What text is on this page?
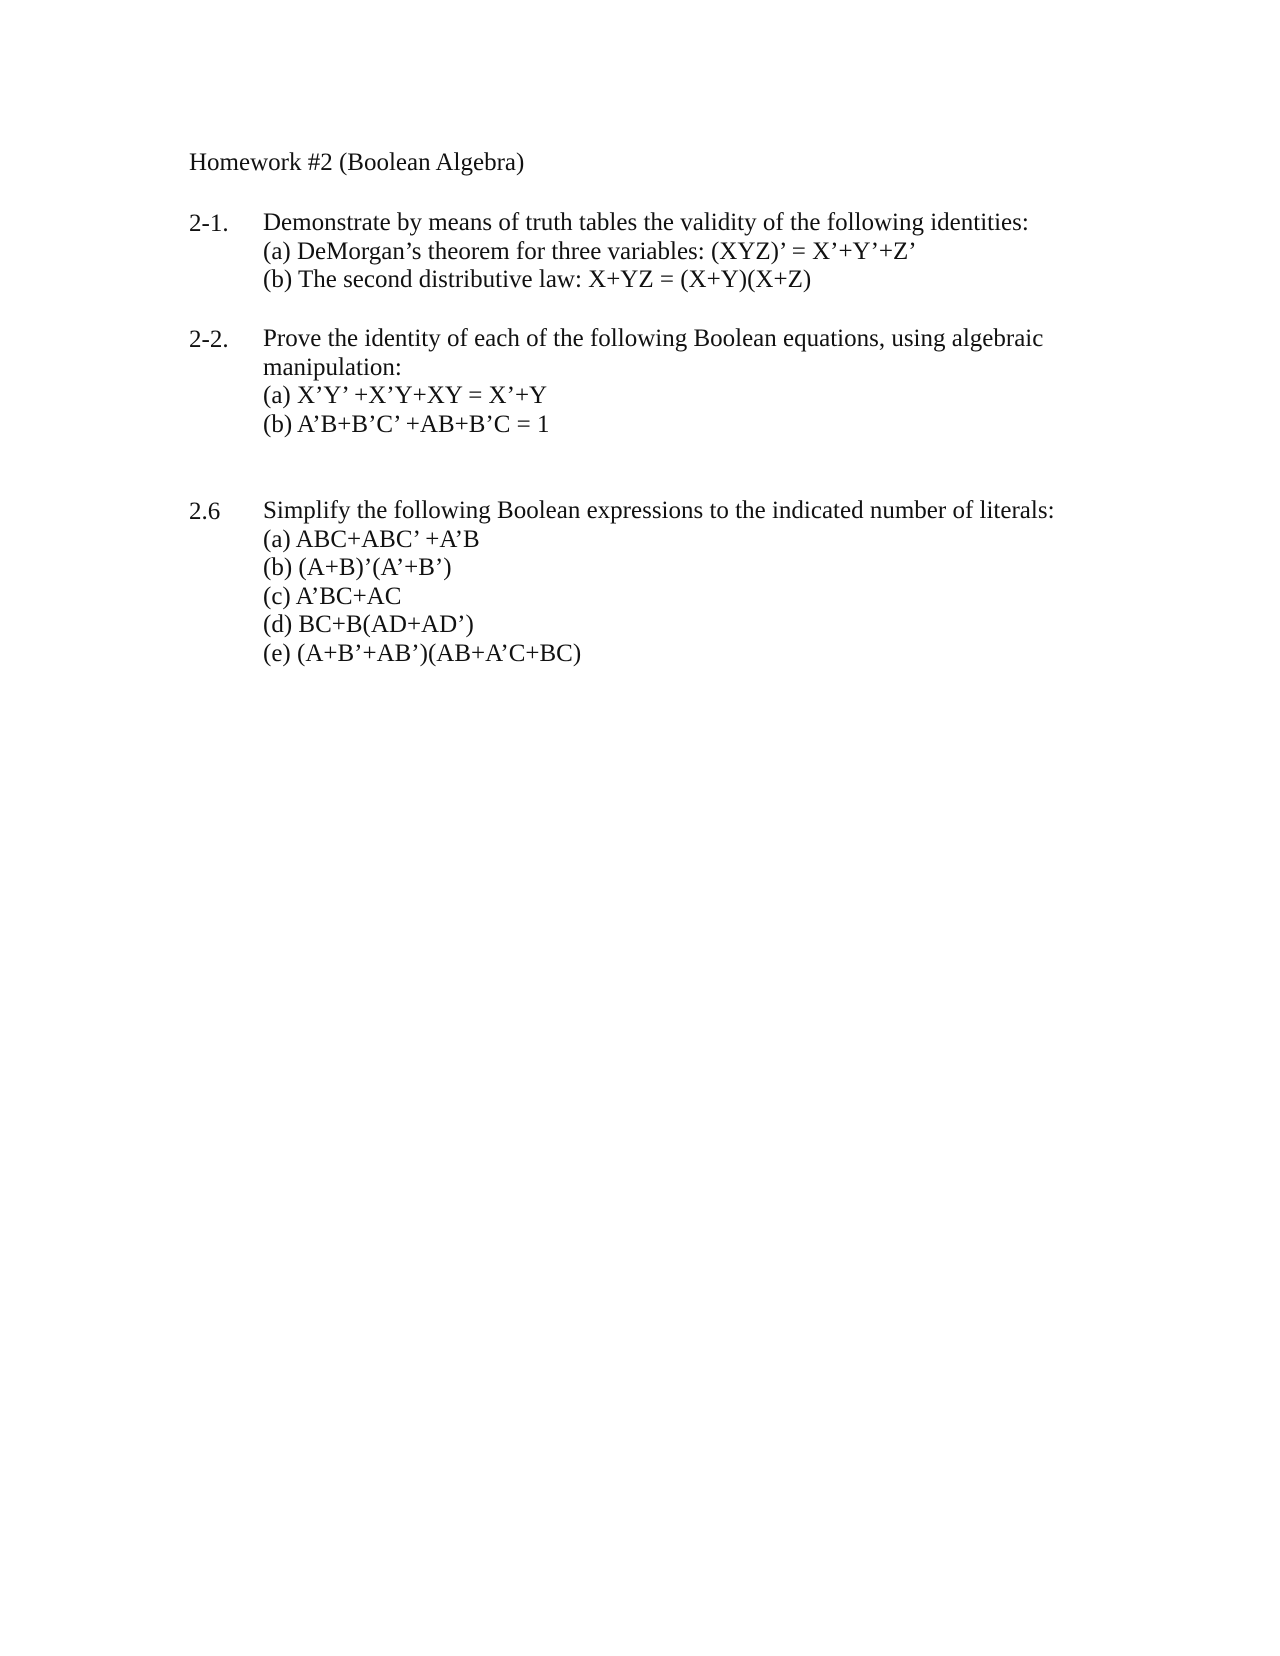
Homework #2 (Boolean Algebra)
2-1. Demonstrate by means of truth tables the validity of the following identities:
(a) DeMorgan’s theorem for three variables: (XYZ)’ = X’+Y’+Z’
(b) The second distributive law: X+YZ = (X+Y)(X+Z)
2-2. Prove the identity of each of the following Boolean equations, using algebraic
manipulation:
(a) X’Y’ +X’Y+XY = X’+Y
(b) A’B+B’C’ +AB+B’C = 1
2.6 Simplify the following Boolean expressions to the indicated number of literals:
(a) ABC+ABC’ +A’B
(b) (A+B)’(A’+B’)
(c) A’BC+AC
(d) BC+B(AD+AD’)
(e) (A+B’+AB’)(AB+A’C+BC)
